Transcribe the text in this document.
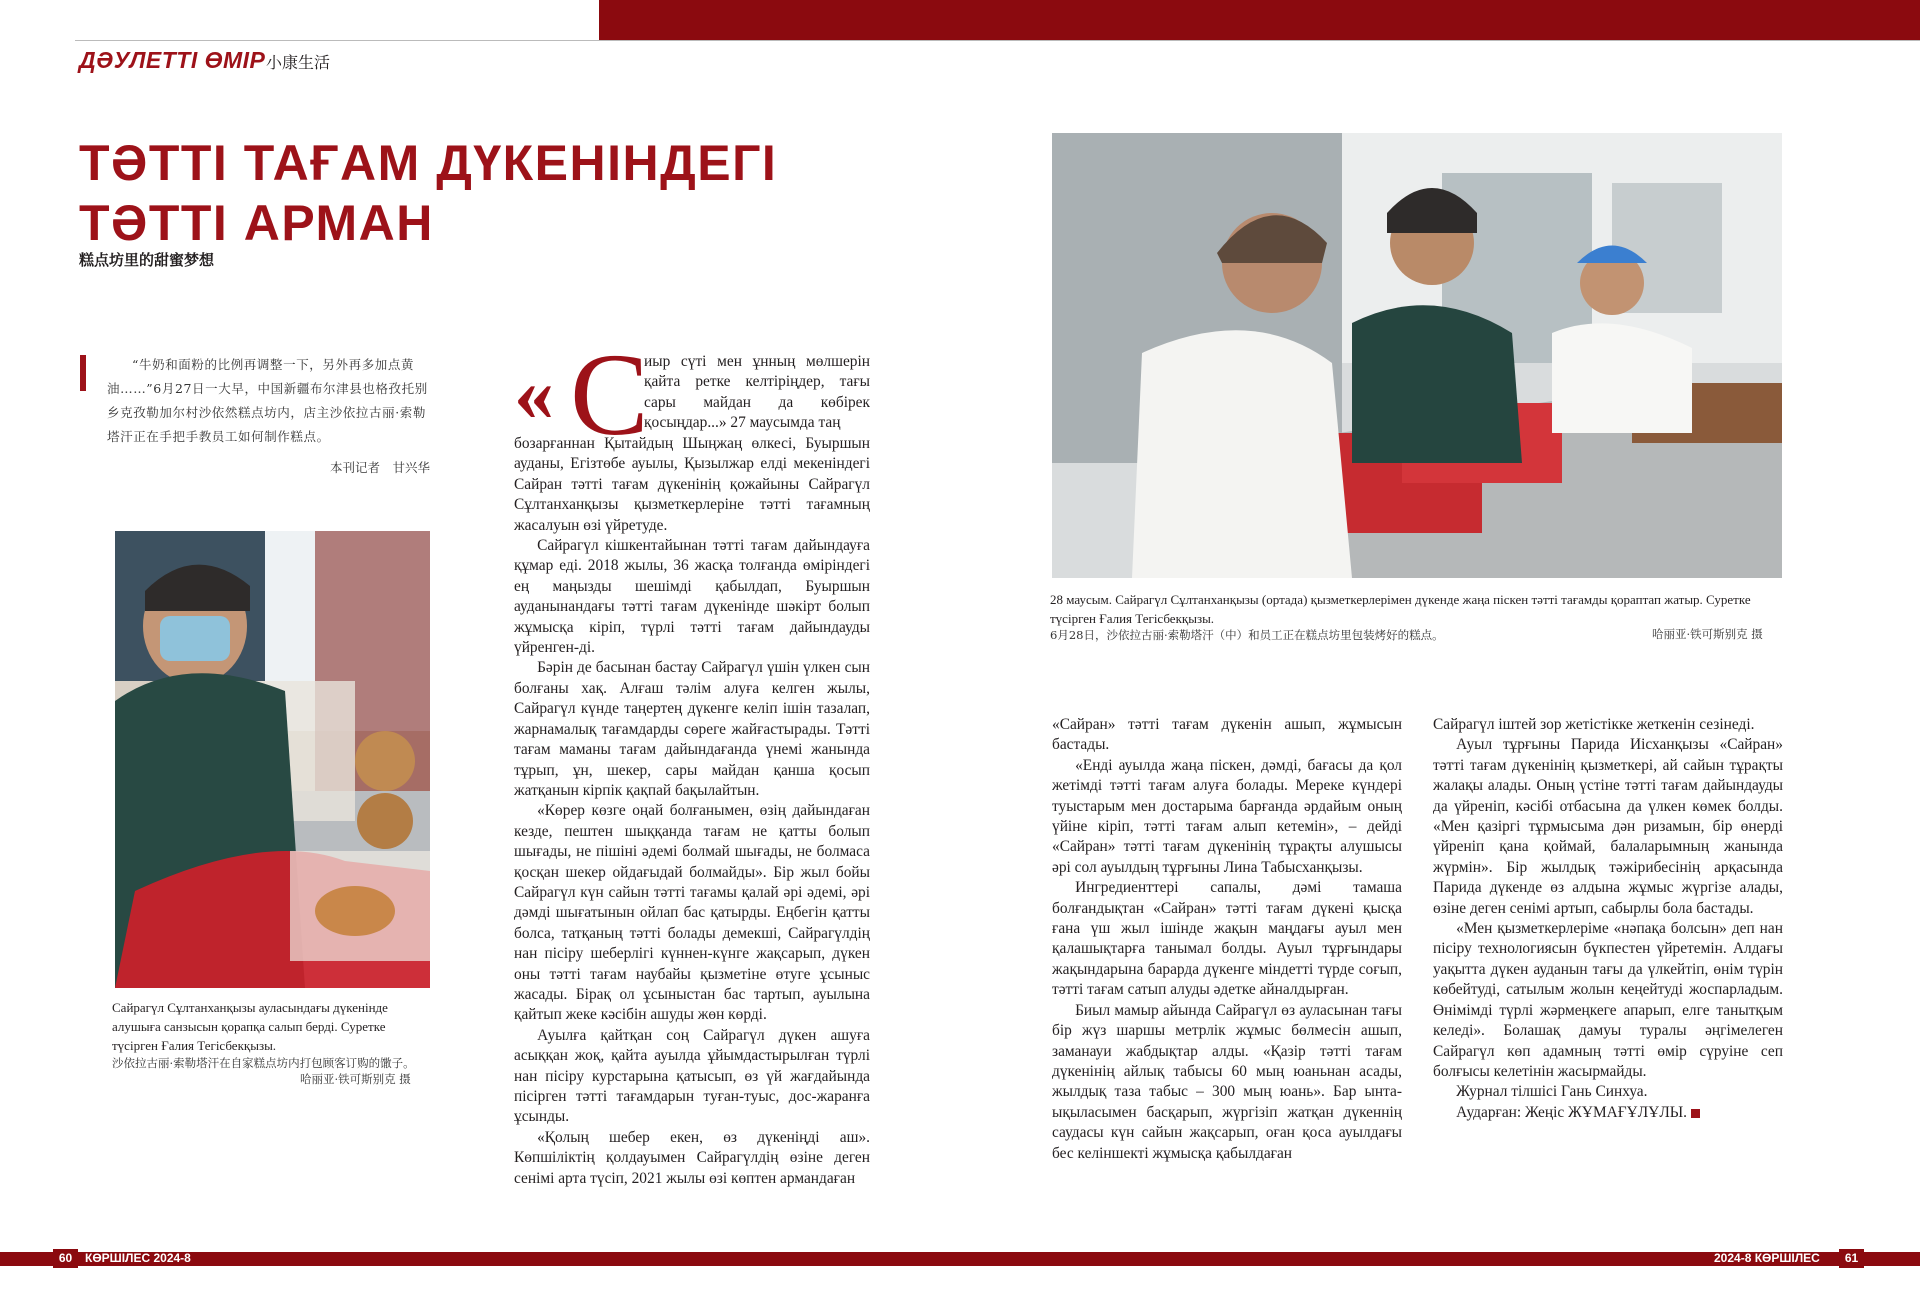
ДӘУЛЕТТІ ӨМІР 小康生活
ТӘТТІ ТАҒАМ ДҮКЕНІНДЕГІ ТӘТТІ АРМАН
糕点坊里的甜蜜梦想

“牛奶和面粉的比例再调整一下，另外再多加点黄油……”6月27日一大早，中国新疆布尔津县也格孜托别乡克孜勒加尔村沙依然糕点坊内，店主沙依拉古丽·索勒塔汗正在手把手教员工如何制作糕点。

本刊记者　甘兴华

Сайрагүл Сұлтанханқызы ауласындағы дүкенінде алушыға санзысын қорапқа салып берді. Суретке түсірген Ғалия Тегісбекқызы.

沙依拉古丽·索勒塔汗在自家糕点坊内打包顾客订购的馓子。

哈丽亚·铁可斯别克 摄
« С
иыр сүті мен ұнның мөлшерін қайта ретке келтіріңдер, тағы сары майдан да көбірек қосыңдар...» 27 маусымда таң

бозарғаннан Қытайдың Шыңжаң өлкесі, Буыршын ауданы, Егізтөбе ауылы, Қызылжар елді мекеніндегі Сайран тәтті тағам дүкенінің қожайыны Сайрагүл Сұлтанханқызы қызметкерлеріне тәтті тағамның жасалуын өзі үйретуде.

Сайрагүл кішкентайынан тәтті тағам дайындауға құмар еді. 2018 жылы, 36 жасқа толғанда өміріндегі ең маңызды шешімді қабылдап, Буыршын ауданынандағы тәтті тағам дүкенінде шәкірт болып жұмысқа кіріп, түрлі тәтті тағам дайындауды үйренген-ді.

Бәрін де басынан бастау Сайрагүл үшін үлкен сын болғаны хақ. Алғаш тәлім алуға келген жылы, Сайрагүл күнде таңертең дүкенге келіп ішін тазалап, жарнамалық тағамдарды сөреге жайғастырады. Тәтті тағам маманы тағам дайындағанда үнемі жанында тұрып, ұн, шекер, сары майдан қанша қосып жатқанын кірпік қақпай бақылайтын.

«Көрер көзге оңай болғанымен, өзің дайындаған кезде, пештен шыққанда тағам не қатты болып шығады, не пішіні әдемі болмай шығады, не болмаса қосқан шекер ойдағыдай болмайды». Бір жыл бойы Сайрагүл күн сайын тәтті тағамы қалай әрі әдемі, әрі дәмді шығатынын ойлап бас қатырды. Еңбегін қатты болса, татқаның тәтті болады демекші, Сайрагүлдің нан пісіру шеберлігі күннен-күнге жақсарып, дүкен оны тәтті тағам наубайы қызметіне өтуге ұсыныс жасады. Бірақ ол ұсыныстан бас тартып, ауылына қайтып жеке кәсібін ашуды жөн көрді.

Ауылға қайтқан соң Сайрагүл дүкен ашуға асыққан жоқ, қайта ауылда ұйымдастырылған түрлі нан пісіру курстарына қатысып, өз үй жағдайында пісірген тәтті тағамдарын туған-туыс, дос-жаранға ұсынды.

«Қолың шебер екен, өз дүкеніңді аш». Көпшіліктің қолдауымен Сайрагүлдің өзіне деген сенімі арта түсіп, 2021 жылы өзі көптен армандаған

28 маусым. Сайрагүл Сұлтанханқызы (ортада) қызметкерлерімен дүкенде жаңа піскен тәтті тағамды қораптап жатыр. Суретке түсірген Ғалия Тегісбекқызы.

6月28日，沙依拉古丽·索勒塔汗（中）和员工正在糕点坊里包装烤好的糕点。	哈丽亚·铁可斯别克 摄

«Сайран» тәтті тағам дүкенін ашып, жұмысын бастады.

«Енді ауылда жаңа піскен, дәмді, бағасы да қол жетімді тәтті тағам алуға болады. Мереке күндері туыстарым мен достарыма барғанда әрдайым оның үйіне кіріп, тәтті тағам алып кетемін», – дейді «Сайран» тәтті тағам дүкенінің тұрақты алушысы әрі сол ауылдың тұрғыны Лина Табысханқызы.

Ингредиенттері сапалы, дәмі тамаша болғандықтан «Сайран» тәтті тағам дүкені қысқа ғана үш жыл ішінде жақын маңдағы ауыл мен қалашықтарға танымал болды. Ауыл тұрғындары жақындарына барарда дүкенге міндетті түрде соғып, тәтті тағам сатып алуды әдетке айналдырған.

Биыл мамыр айында Сайрагүл өз ауласынан тағы бір жүз шаршы метрлік жұмыс бөлмесін ашып, заманауи жабдықтар алды. «Қазір тәтті тағам дүкенінің айлық табысы 60 мың юаньнан асады, жылдық таза табыс – 300 мың юань». Бар ынта-ықыласымен басқарып, жүргізіп жатқан дүкеннің саудасы күн сайын жақсарып, оған қоса ауылдағы бес келіншекті жұмысқа қабылдаған

Сайрагүл іштей зор жетістікке жеткенін сезінеді.

Ауыл тұрғыны Парида Иісханқызы «Сайран» тәтті тағам дүкенінің қызметкері, ай сайын тұрақты жалақы алады. Оның үстіне тәтті тағам дайындауды да үйреніп, кәсібі отбасына да үлкен көмек болды. «Мен қазіргі тұрмысыма дән ризамын, бір өнерді үйреніп қана қоймай, балаларымның жанында жүрмін». Бір жылдық тәжірибесінің арқасында Парида дүкенде өз алдына жұмыс жүргізе алады, өзіне деген сенімі артып, сабырлы бола бастады.

«Мен қызметкерлеріме «нәпақа болсын» деп нан пісіру технологиясын бүкпестен үйретемін. Алдағы уақытта дүкен ауданын тағы да үлкейтіп, өнім түрін көбейтуді, сатылым жолын кеңейтуді жоспарладым. Өнімімді түрлі жәрмеңкеге апарып, елге танытқым келеді». Болашақ дамуы туралы әңгімелеген Сайрагүл көп адамның тәтті өмір сүруіне сеп болғысы келетінін жасырмайды.

Журнал тілшісі Гань Синхуа.

Аударған: Жеңіс ЖҰМАҒҰЛҰЛЫ.

60	КӨРШІЛЕС 2024-8	2024-8 КӨРШІЛЕС	61
